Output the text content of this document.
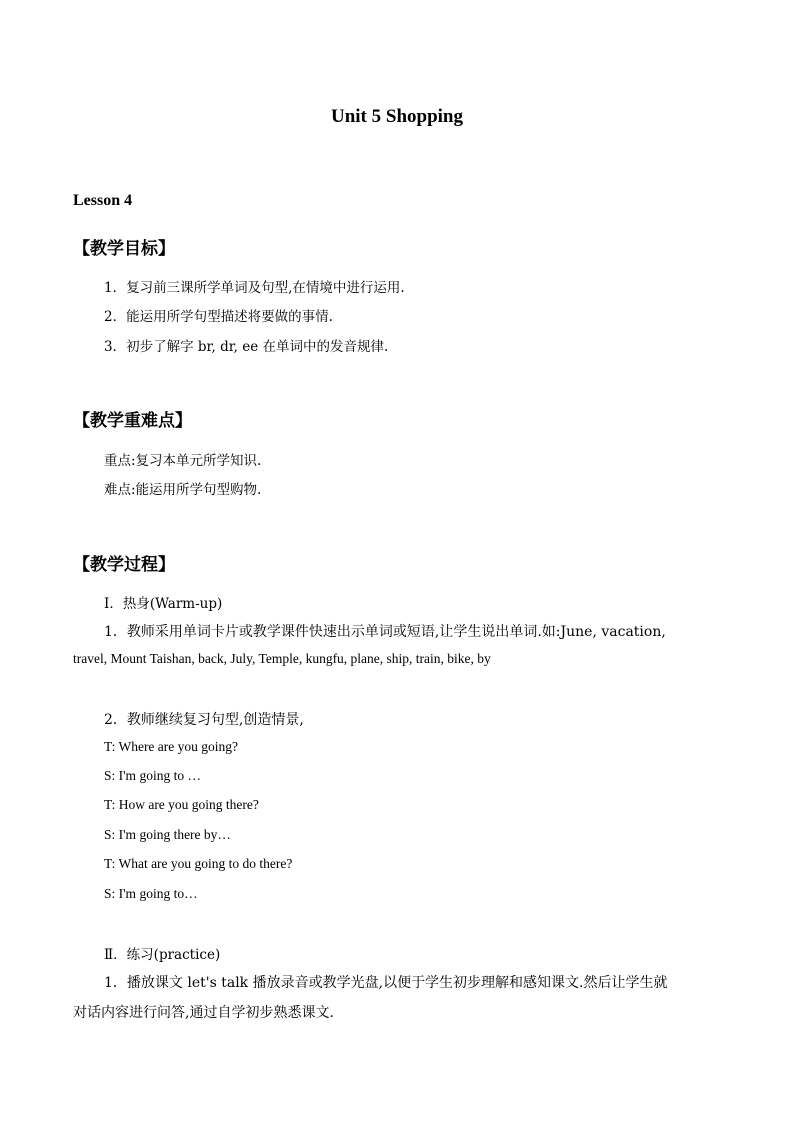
Unit 5 Shopping
Lesson 4
【教学目标】
1．复习前三课所学单词及句型,在情境中进行运用.
2．能运用所学句型描述将要做的事情.
3．初步了解字 br, dr, ee 在单词中的发音规律.
【教学重难点】
重点:复习本单元所学知识.
难点:能运用所学句型购物.
【教学过程】
Ⅰ．热身(Warm-up)
1．教师采用单词卡片或教学课件快速出示单词或短语,让学生说出单词.如:June, vacation,
travel, Mount Taishan, back, July, Temple, kungfu, plane, ship, train, bike, by
2．教师继续复习句型,创造情景,
T: Where are you going?
S: I'm going to …
T: How are you going there?
S: I'm going there by…
T: What are you going to do there?
S: I'm going to…
Ⅱ．练习(practice)
1．播放课文 let's talk 播放录音或教学光盘,以便于学生初步理解和感知课文.然后让学生就
对话内容进行问答,通过自学初步熟悉课文.
